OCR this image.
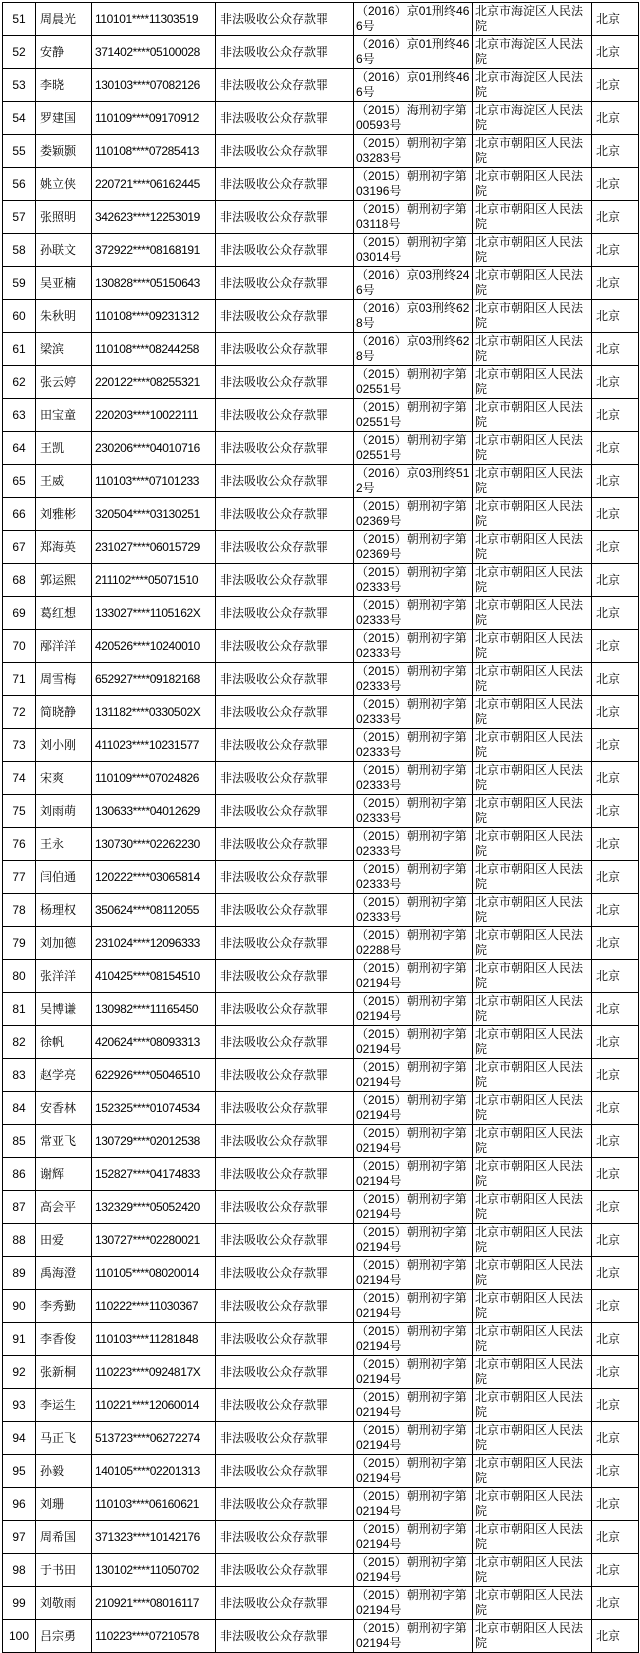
51	周晨光	110101****11303519	非法吸收公众存款罪	（2016）京01刑终466号	北京市海淀区人民法院	北京
52	安静	371402****05100028	非法吸收公众存款罪	（2016）京01刑终466号	北京市海淀区人民法院	北京
53	李晓	130103****07082126	非法吸收公众存款罪	（2016）京01刑终466号	北京市海淀区人民法院	北京
54	罗建国	110109****09170912	非法吸收公众存款罪	（2015）海刑初字第00593号	北京市海淀区人民法院	北京
55	娄颖颢	110108****07285413	非法吸收公众存款罪	（2015）朝刑初字第03283号	北京市朝阳区人民法院	北京
56	姚立侠	220721****06162445	非法吸收公众存款罪	（2015）朝刑初字第03196号	北京市朝阳区人民法院	北京
57	张照明	342623****12253019	非法吸收公众存款罪	（2015）朝刑初字第03118号	北京市朝阳区人民法院	北京
58	孙联文	372922****08168191	非法吸收公众存款罪	（2015）朝刑初字第03014号	北京市朝阳区人民法院	北京
59	吴亚楠	130828****05150643	非法吸收公众存款罪	（2016）京03刑终246号	北京市朝阳区人民法院	北京
60	朱秋明	110108****09231312	非法吸收公众存款罪	（2016）京03刑终628号	北京市朝阳区人民法院	北京
61	梁滨	110108****08244258	非法吸收公众存款罪	（2016）京03刑终628号	北京市朝阳区人民法院	北京
62	张云婷	220122****08255321	非法吸收公众存款罪	（2015）朝刑初字第02551号	北京市朝阳区人民法院	北京
63	田宝童	220203****10022111	非法吸收公众存款罪	（2015）朝刑初字第02551号	北京市朝阳区人民法院	北京
64	王凯	230206****04010716	非法吸收公众存款罪	（2015）朝刑初字第02551号	北京市朝阳区人民法院	北京
65	王威	110103****07101233	非法吸收公众存款罪	（2016）京03刑终512号	北京市朝阳区人民法院	北京
66	刘雅彬	320504****03130251	非法吸收公众存款罪	（2015）朝刑初字第02369号	北京市朝阳区人民法院	北京
67	郑海英	231027****06015729	非法吸收公众存款罪	（2015）朝刑初字第02369号	北京市朝阳区人民法院	北京
68	郭运熙	211102****05071510	非法吸收公众存款罪	（2015）朝刑初字第02333号	北京市朝阳区人民法院	北京
69	葛红想	133027****1105162X	非法吸收公众存款罪	（2015）朝刑初字第02333号	北京市朝阳区人民法院	北京
70	邴洋洋	420526****10240010	非法吸收公众存款罪	（2015）朝刑初字第02333号	北京市朝阳区人民法院	北京
71	周雪梅	652927****09182168	非法吸收公众存款罪	（2015）朝刑初字第02333号	北京市朝阳区人民法院	北京
72	简晓静	131182****0330502X	非法吸收公众存款罪	（2015）朝刑初字第02333号	北京市朝阳区人民法院	北京
73	刘小刚	411023****10231577	非法吸收公众存款罪	（2015）朝刑初字第02333号	北京市朝阳区人民法院	北京
74	宋爽	110109****07024826	非法吸收公众存款罪	（2015）朝刑初字第02333号	北京市朝阳区人民法院	北京
75	刘雨萌	130633****04012629	非法吸收公众存款罪	（2015）朝刑初字第02333号	北京市朝阳区人民法院	北京
76	王永	130730****02262230	非法吸收公众存款罪	（2015）朝刑初字第02333号	北京市朝阳区人民法院	北京
77	闫伯通	120222****03065814	非法吸收公众存款罪	（2015）朝刑初字第02333号	北京市朝阳区人民法院	北京
78	杨理权	350624****08112055	非法吸收公众存款罪	（2015）朝刑初字第02333号	北京市朝阳区人民法院	北京
79	刘加德	231024****12096333	非法吸收公众存款罪	（2015）朝刑初字第02288号	北京市朝阳区人民法院	北京
80	张洋洋	410425****08154510	非法吸收公众存款罪	（2015）朝刑初字第02194号	北京市朝阳区人民法院	北京
81	吴博谦	130982****11165450	非法吸收公众存款罪	（2015）朝刑初字第02194号	北京市朝阳区人民法院	北京
82	徐帆	420624****08093313	非法吸收公众存款罪	（2015）朝刑初字第02194号	北京市朝阳区人民法院	北京
83	赵学亮	622926****05046510	非法吸收公众存款罪	（2015）朝刑初字第02194号	北京市朝阳区人民法院	北京
84	安香林	152325****01074534	非法吸收公众存款罪	（2015）朝刑初字第02194号	北京市朝阳区人民法院	北京
85	常亚飞	130729****02012538	非法吸收公众存款罪	（2015）朝刑初字第02194号	北京市朝阳区人民法院	北京
86	谢辉	152827****04174833	非法吸收公众存款罪	（2015）朝刑初字第02194号	北京市朝阳区人民法院	北京
87	高会平	132329****05052420	非法吸收公众存款罪	（2015）朝刑初字第02194号	北京市朝阳区人民法院	北京
88	田爱	130727****02280021	非法吸收公众存款罪	（2015）朝刑初字第02194号	北京市朝阳区人民法院	北京
89	禹海澄	110105****08020014	非法吸收公众存款罪	（2015）朝刑初字第02194号	北京市朝阳区人民法院	北京
90	李秀勤	110222****11030367	非法吸收公众存款罪	（2015）朝刑初字第02194号	北京市朝阳区人民法院	北京
91	李香俊	110103****11281848	非法吸收公众存款罪	（2015）朝刑初字第02194号	北京市朝阳区人民法院	北京
92	张新桐	110223****0924817X	非法吸收公众存款罪	（2015）朝刑初字第02194号	北京市朝阳区人民法院	北京
93	李运生	110221****12060014	非法吸收公众存款罪	（2015）朝刑初字第02194号	北京市朝阳区人民法院	北京
94	马正飞	513723****06272274	非法吸收公众存款罪	（2015）朝刑初字第02194号	北京市朝阳区人民法院	北京
95	孙毅	140105****02201313	非法吸收公众存款罪	（2015）朝刑初字第02194号	北京市朝阳区人民法院	北京
96	刘珊	110103****06160621	非法吸收公众存款罪	（2015）朝刑初字第02194号	北京市朝阳区人民法院	北京
97	周希国	371323****10142176	非法吸收公众存款罪	（2015）朝刑初字第02194号	北京市朝阳区人民法院	北京
98	于书田	130102****11050702	非法吸收公众存款罪	（2015）朝刑初字第02194号	北京市朝阳区人民法院	北京
99	刘敬雨	210921****08016117	非法吸收公众存款罪	（2015）朝刑初字第02194号	北京市朝阳区人民法院	北京
100	吕宗勇	110223****07210578	非法吸收公众存款罪	（2015）朝刑初字第02194号	北京市朝阳区人民法院	北京
